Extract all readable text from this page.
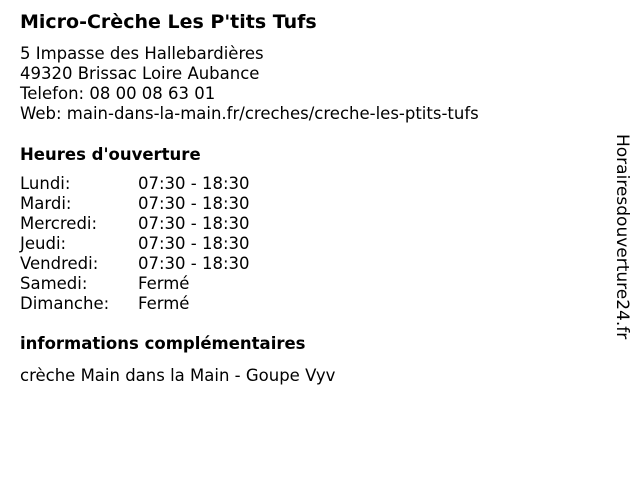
Micro-Crèche Les P'tits Tufs
5 Impasse des Hallebardières
49320 Brissac Loire Aubance
Telefon: 08 00 08 63 01
Web: main-dans-la-main.fr/creches/creche-les-ptits-tufs
Heures d'ouverture
Lundi:	07:30 - 18:30
Mardi:	07:30 - 18:30
Mercredi: 07:30 - 18:30
Jeudi:	07:30 - 18:30
Vendredi: 07:30 - 18:30
Samedi:	Fermé
Dimanche: Fermé
informations complémentaires
crèche Main dans la Main - Goupe Vyv
Horairesdouverture24.fr
